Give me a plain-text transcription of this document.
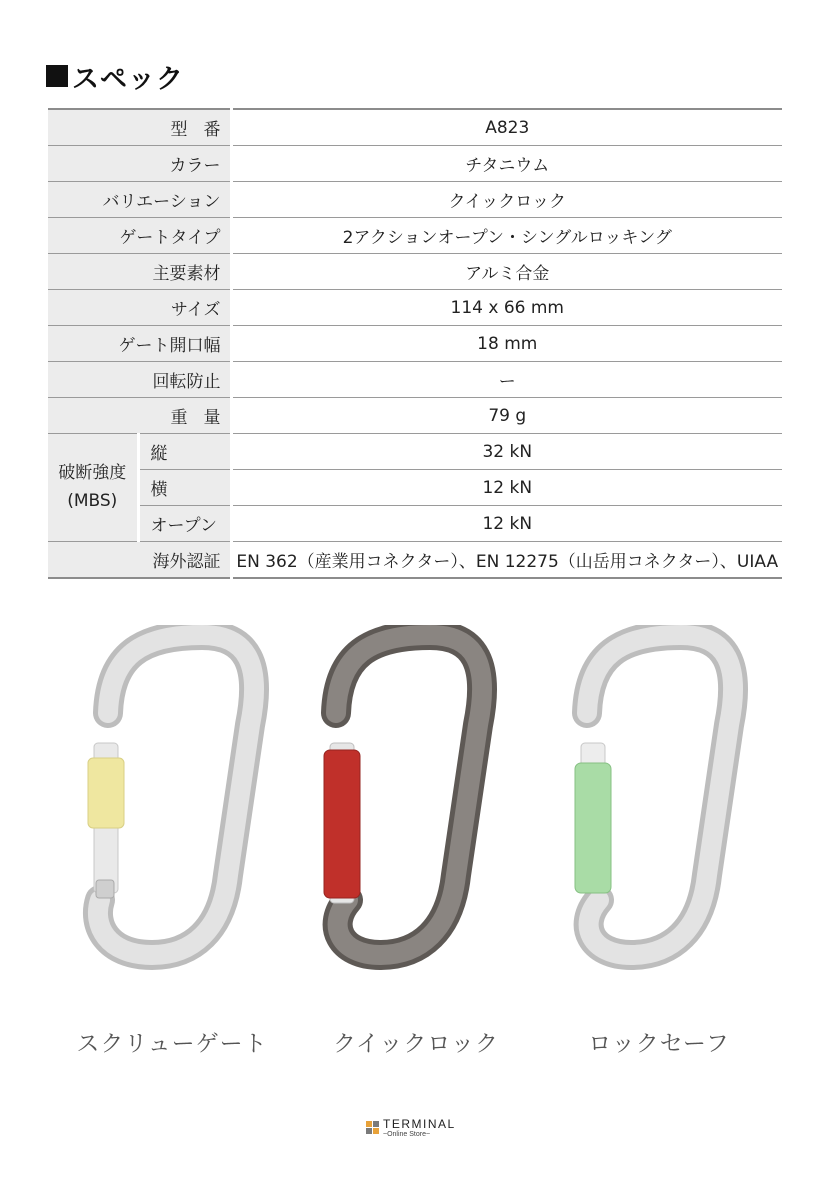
スペック
型番		A823
カラー		チタニウム
バリエーション		クイックロック
ゲートタイプ		2アクションオープン・シングルロッキング
主要素材		アルミ合金
サイズ		114 x 66 mm
ゲート開口幅		18 mm
回転防止		ー
重量		79 g

破断強度
(MBS)	縦	32 kN
	横	12 kN
	オープン	12 kN
海外認証		EN 362（産業用コネクター）、EN 12275（山岳用コネクター）、UIAA
スクリューゲート	クイックロック	ロックセーフ
TERMINAL
~Online Store~
